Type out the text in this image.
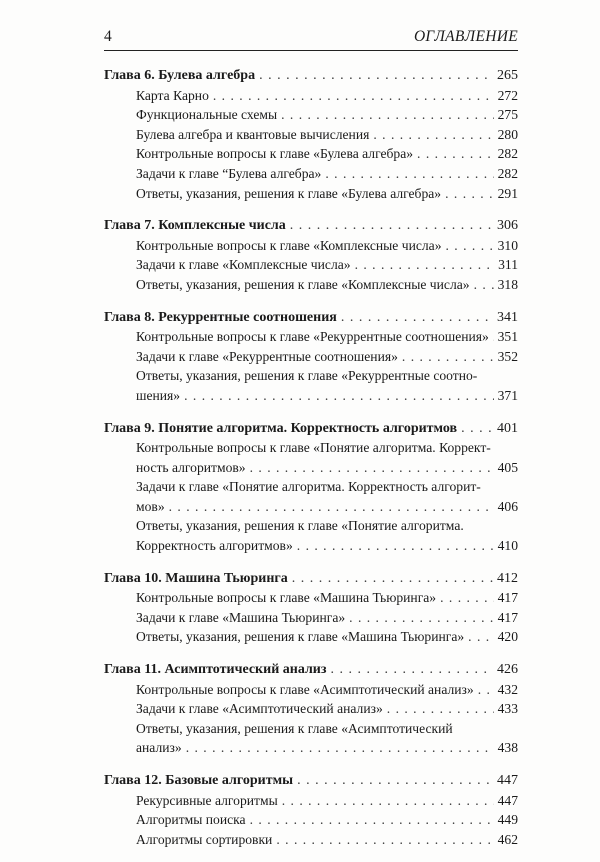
4	ОГЛАВЛЕНИЕ
Глава 6. Булева алгебра . . .	265
Карта Карно . . .	272
Функциональные схемы . . .	275
Булева алгебра и квантовые вычисления . . .	280
Контрольные вопросы к главе «Булева алгебра» . . .	282
Задачи к главе “Булева алгебра» . . .	282
Ответы, указания, решения к главе «Булева алгебра» . . .	291
Глава 7. Комплексные числа . . .	306
Контрольные вопросы к главе «Комплексные числа» . . .	310
Задачи к главе «Комплексные числа» . . .	311
Ответы, указания, решения к главе «Комплексные числа» . . . 318
Глава 8. Рекуррентные соотношения . . .	341
Контрольные вопросы к главе «Рекуррентные соотношения» . . . 351
Задачи к главе «Рекуррентные соотношения» . . .	352
Ответы, указания, решения к главе «Рекуррентные соотно-
шения» . . .	371
Глава 9. Понятие алгоритма. Корректность алгоритмов . . .	401
Контрольные вопросы к главе «Понятие алгоритма. Коррект-
ность алгоритмов» . . .	405
Задачи к главе «Понятие алгоритма. Корректность алгорит-
мов» . . .	406
Ответы, указания, решения к главе «Понятие алгоритма.
Корректность алгоритмов» . . .	410
Глава 10. Машина Тьюринга . . .	412
Контрольные вопросы к главе «Машина Тьюринга» . . .	417
Задачи к главе «Машина Тьюринга» . . .	417
Ответы, указания, решения к главе «Машина Тьюринга» . . . 420
Глава 11. Асимптотический анализ . . .	426
Контрольные вопросы к главе «Асимптотический анализ» . . . 432
Задачи к главе «Асимптотический анализ» . . .	433
Ответы, указания, решения к главе «Асимптотический
анализ» . . .	438
Глава 12. Базовые алгоритмы . . .	447
Рекурсивные алгоритмы . . .	447
Алгоритмы поиска . . .	449
Алгоритмы сортировки . . .	462
